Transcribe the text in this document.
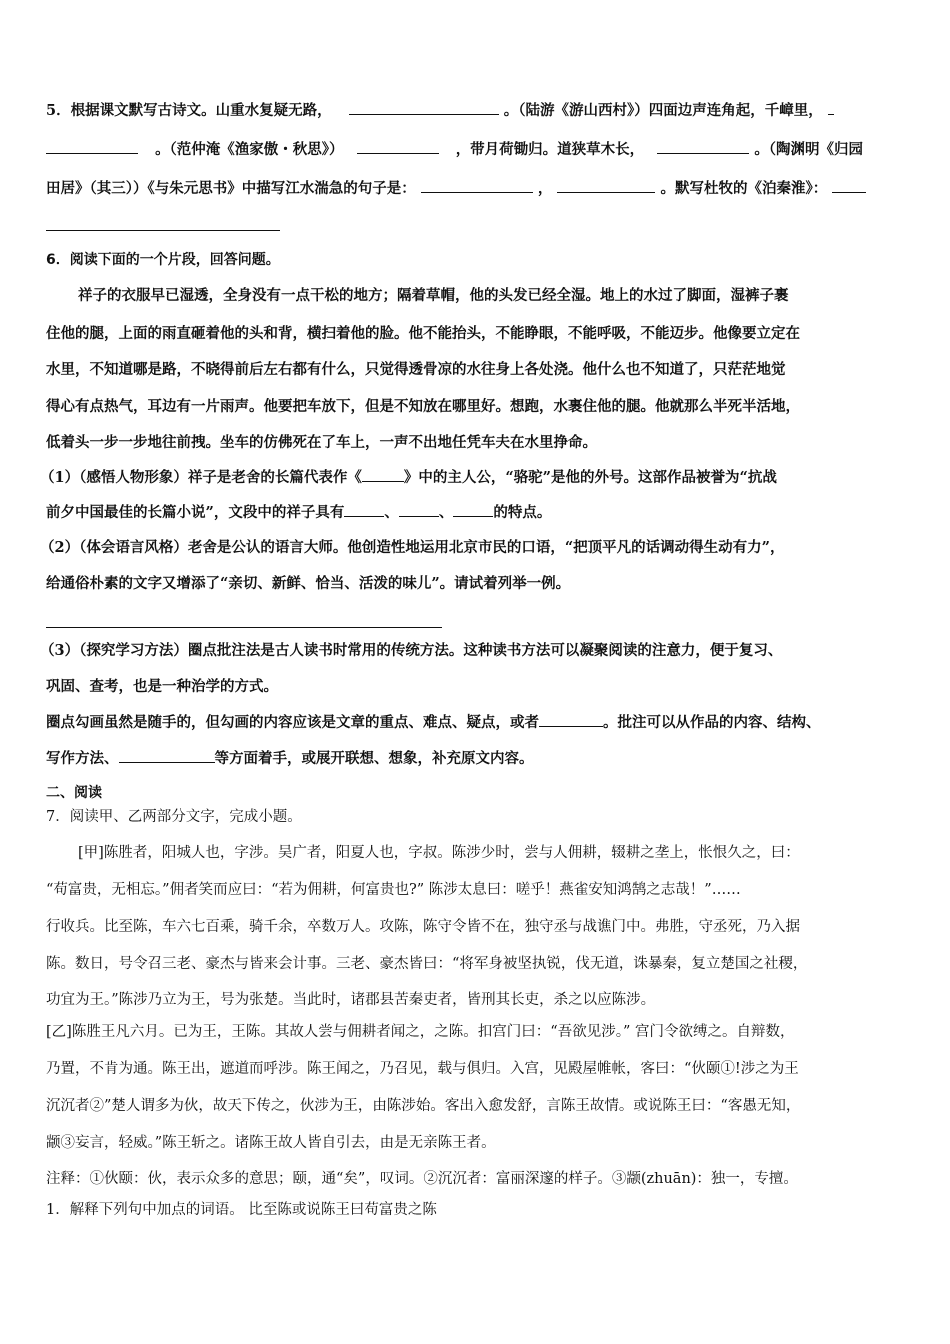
5．根据课文默写古诗文。山重水复疑无路，	。（陆游《游山西村》）四面边声连角起，千嶂里，
。（范仲淹《渔家傲・秋思》）	，带月荷锄归。道狭草木长，	。（陶渊明《归园
田居》（其三））《与朱元思书》中描写江水湍急的句子是：	，	。默写杜牧的《泊秦淮》：
6．阅读下面的一个片段，回答问题。
祥子的衣服早已湿透，全身没有一点干松的地方；隔着草帽，他的头发已经全湿。地上的水过了脚面，湿裤子裹
住他的腿，上面的雨直砸着他的头和背，横扫着他的脸。他不能抬头，不能睁眼，不能呼吸，不能迈步。他像要立定在
水里，不知道哪是路，不晓得前后左右都有什么，只觉得透骨凉的水往身上各处浇。他什么也不知道了，只茫茫地觉
得心有点热气，耳边有一片雨声。他要把车放下，但是不知放在哪里好。想跑，水裹住他的腿。他就那么半死半活地，
低着头一步一步地往前拽。坐车的仿佛死在了车上，一声不出地任凭车夫在水里挣命。
（1）（感悟人物形象）祥子是老舍的长篇代表作《	》中的主人公，“骆驼”是他的外号。这部作品被誉为“抗战
前夕中国最佳的长篇小说”，文段中的祥子具有	、	、	的特点。
（2）（体会语言风格）老舍是公认的语言大师。他创造性地运用北京市民的口语，“把顶平凡的话调动得生动有力”，
给通俗朴素的文字又增添了“亲切、新鲜、恰当、活泼的味儿”。请试着列举一例。
（3）（探究学习方法）圈点批注法是古人读书时常用的传统方法。这种读书方法可以凝聚阅读的注意力，便于复习、
巩固、查考，也是一种治学的方式。
圈点勾画虽然是随手的，但勾画的内容应该是文章的重点、难点、疑点，或者	。批注可以从作品的内容、结构、
写作方法、	等方面着手，或展开联想、想象，补充原文内容。
二、阅读
7．阅读甲、乙两部分文字，完成小题。
[甲]陈胜者，阳城人也，字涉。吴广者，阳夏人也，字叔。陈涉少时，尝与人佣耕，辍耕之垄上，怅恨久之，曰：
“苟富贵，无相忘。”佣者笑而应曰：“若为佣耕，何富贵也?” 陈涉太息曰：嗟乎！燕雀安知鸿鹄之志哉！”……
行收兵。比至陈，车六七百乘，骑千余，卒数万人。攻陈，陈守令皆不在，独守丞与战谯门中。弗胜，守丞死，乃入据
陈。数日，号令召三老、豪杰与皆来会计事。三老、豪杰皆曰：“将军身被坚执锐，伐无道，诛暴秦，复立楚国之社稷，
功宜为王。”陈涉乃立为王，号为张楚。当此时，诸郡县苦秦吏者，皆刑其长吏，杀之以应陈涉。
[乙]陈胜王凡六月。已为王，王陈。其故人尝与佣耕者闻之，之陈。扣宫门曰：“吾欲见涉。” 宫门令欲缚之。自辩数，
乃置，不肯为通。陈王出，遮道而呼涉。陈王闻之，乃召见，载与俱归。入宫，见殿屋帷帐，客曰：“伙颐①!涉之为王
沉沉者②”楚人谓多为伙，故天下传之，伙涉为王，由陈涉始。客出入愈发舒，言陈王故情。或说陈王曰：“客愚无知，
颛③妄言，轻威。”陈王斩之。诸陈王故人皆自引去，由是无亲陈王者。
注释：①伙颐：伙，表示众多的意思；颐，通“矣”，叹词。②沉沉者：富丽深邃的样子。③颛(zhuān)：独一，专擅。
1．解释下列句中加点的词语。 比至陈或说陈王曰苟富贵之陈
